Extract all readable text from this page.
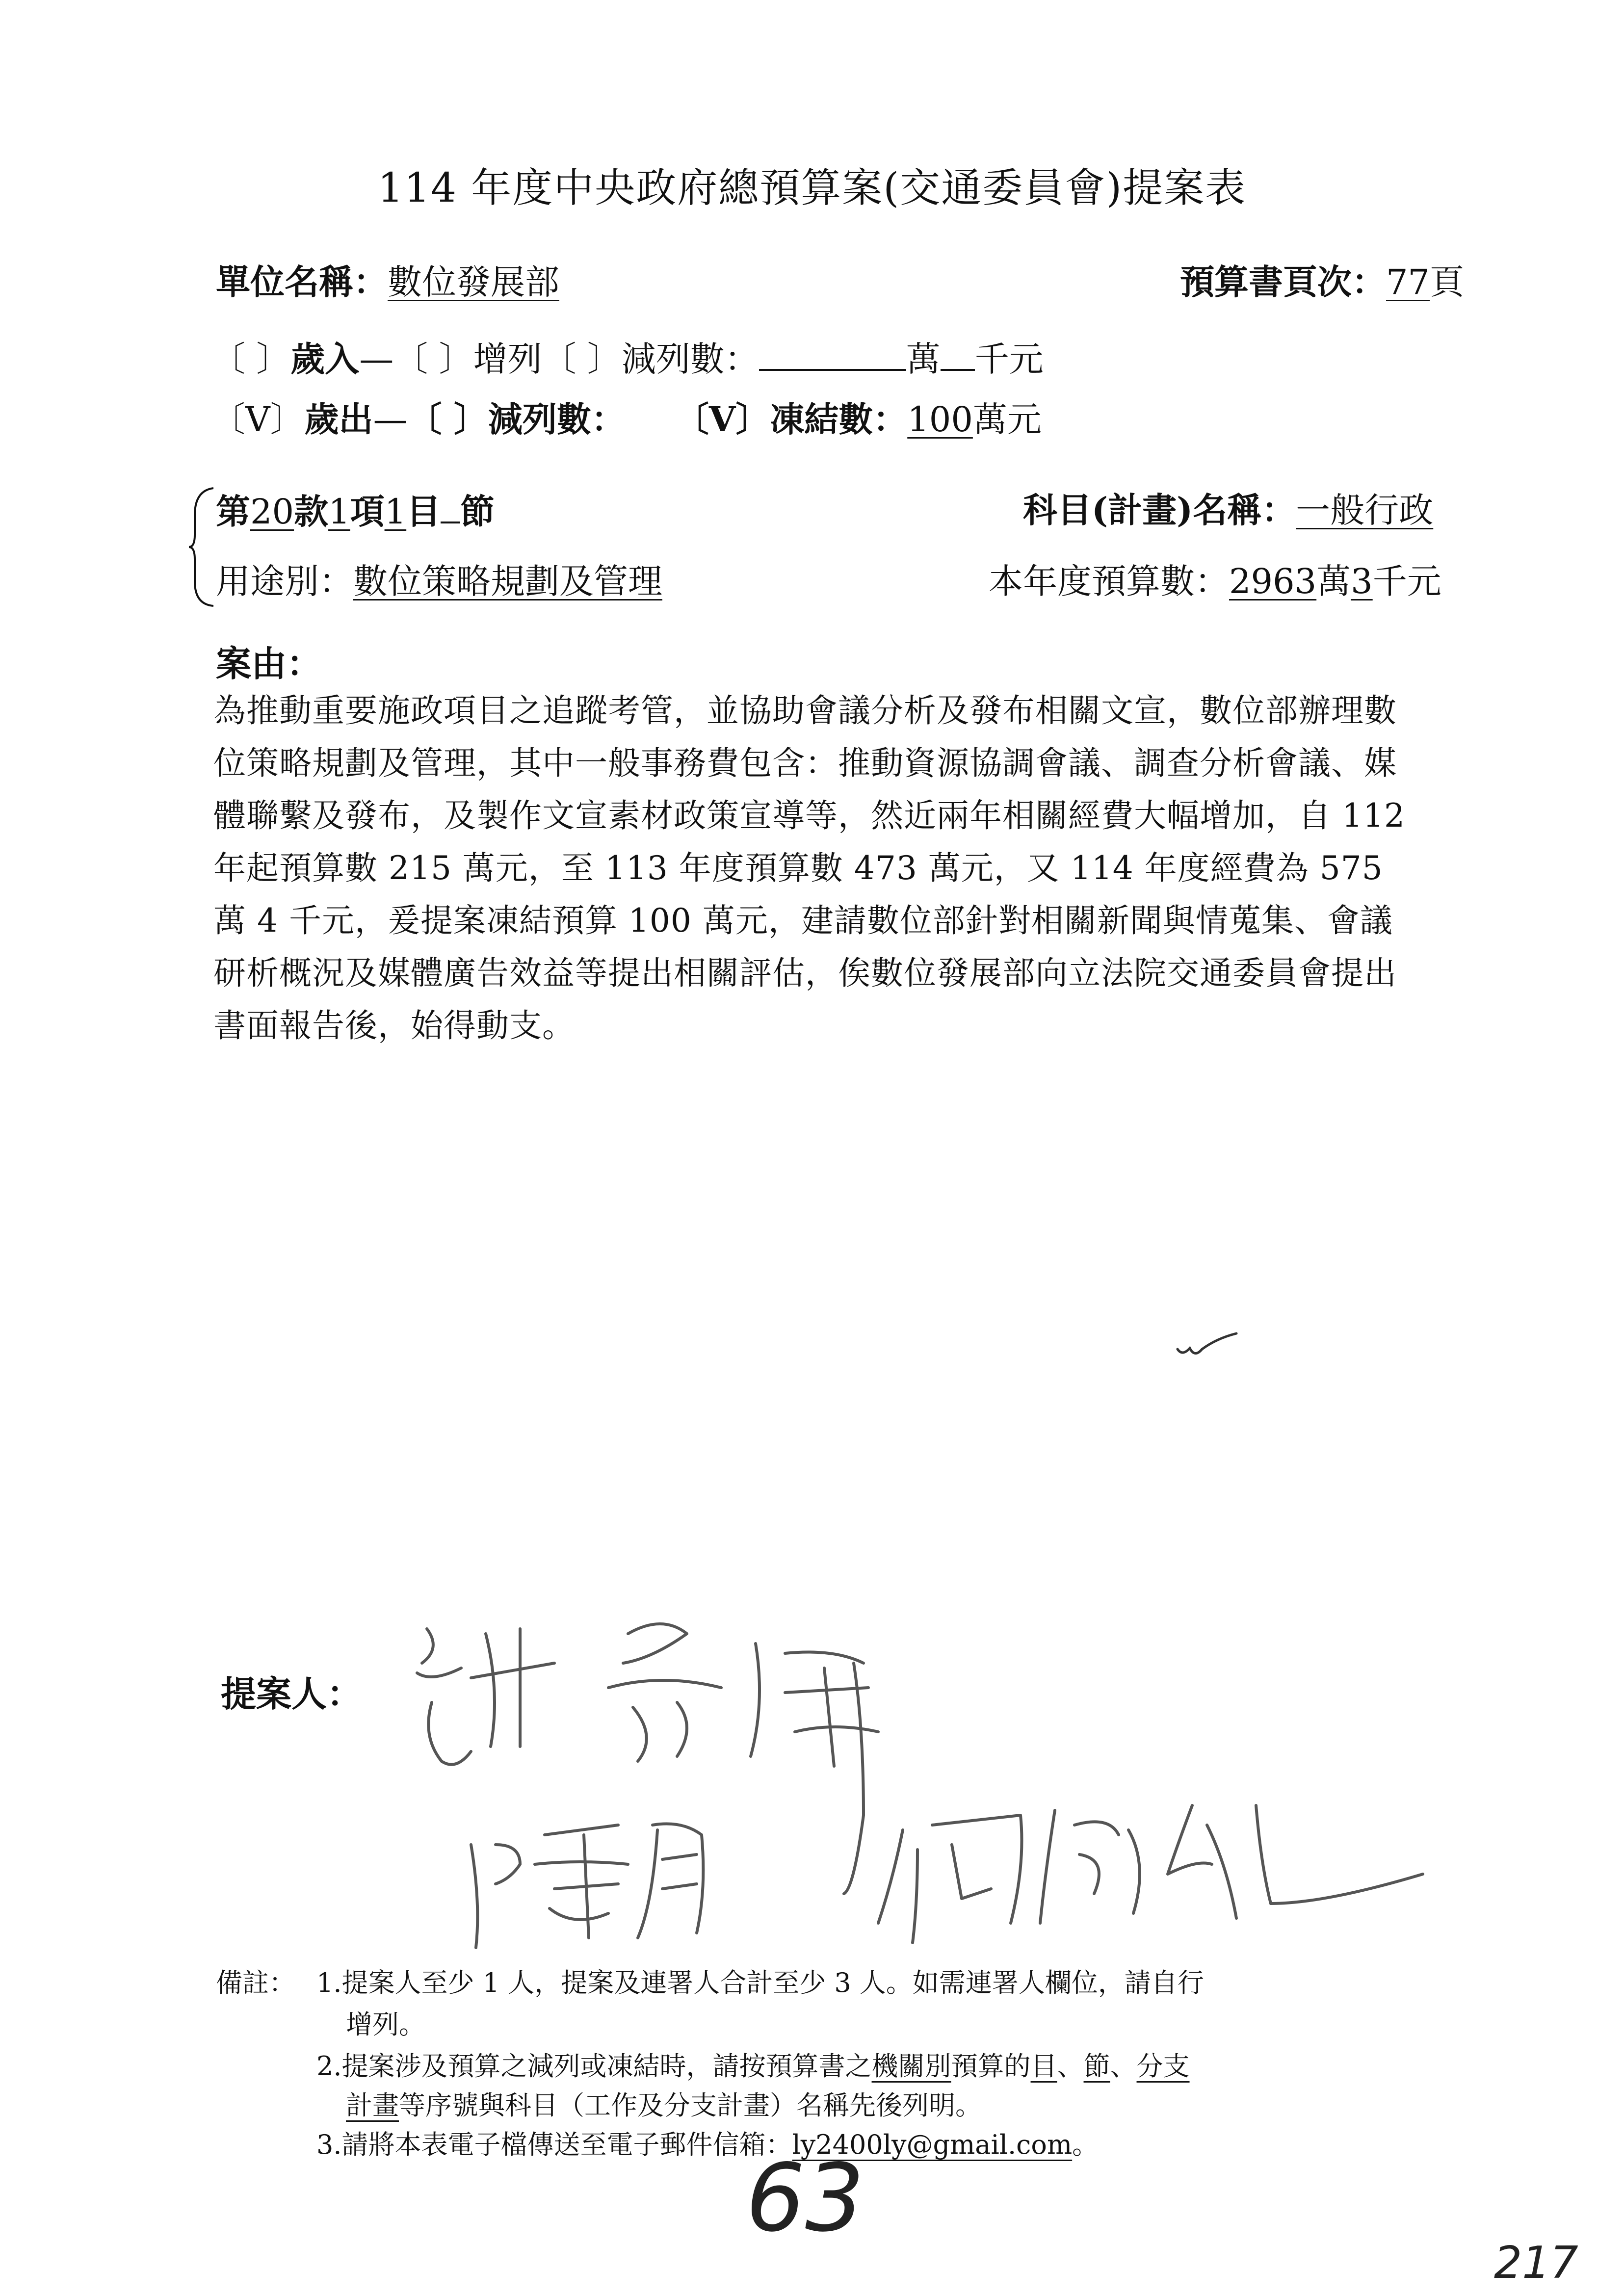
114 年度中央政府總預算案(交通委員會)提案表
單位名稱：數位發展部	預算書頁次：77頁
〔 〕歲入—〔 〕增列〔 〕減列數：	萬 千元
〔V〕歲出—〔 〕減列數： 〔V〕凍結數：100萬元
第20款1項1目 節	科目(計畫)名稱：一般行政
用途別：數位策略規劃及管理	本年度預算數：2963萬3千元
案由：
為推動重要施政項目之追蹤考管，並協助會議分析及發布相關文宣，數位部辦理數位策略規劃及管理，其中一般事務費包含：推動資源協調會議、調查分析會議、媒體聯繫及發布，及製作文宣素材政策宣導等，然近兩年相關經費大幅增加，自 112 年起預算數 215 萬元，至 113 年度預算數 473 萬元，又 114 年度經費為 575 萬 4 千元，爰提案凍結預算 100 萬元，建請數位部針對相關新聞與情蒐集、會議研析概況及媒體廣告效益等提出相關評估，俟數位發展部向立法院交通委員會提出書面報告後，始得動支。
提案人：
備註： 1.提案人至少 1 人，提案及連署人合計至少 3 人。如需連署人欄位，請自行
增列。
2.提案涉及預算之減列或凍結時，請按預算書之機關別預算的目、節、分支
計畫等序號與科目（工作及分支計畫）名稱先後列明。
3.請將本表電子檔傳送至電子郵件信箱：ly2400ly@gmail.com。
63
217
